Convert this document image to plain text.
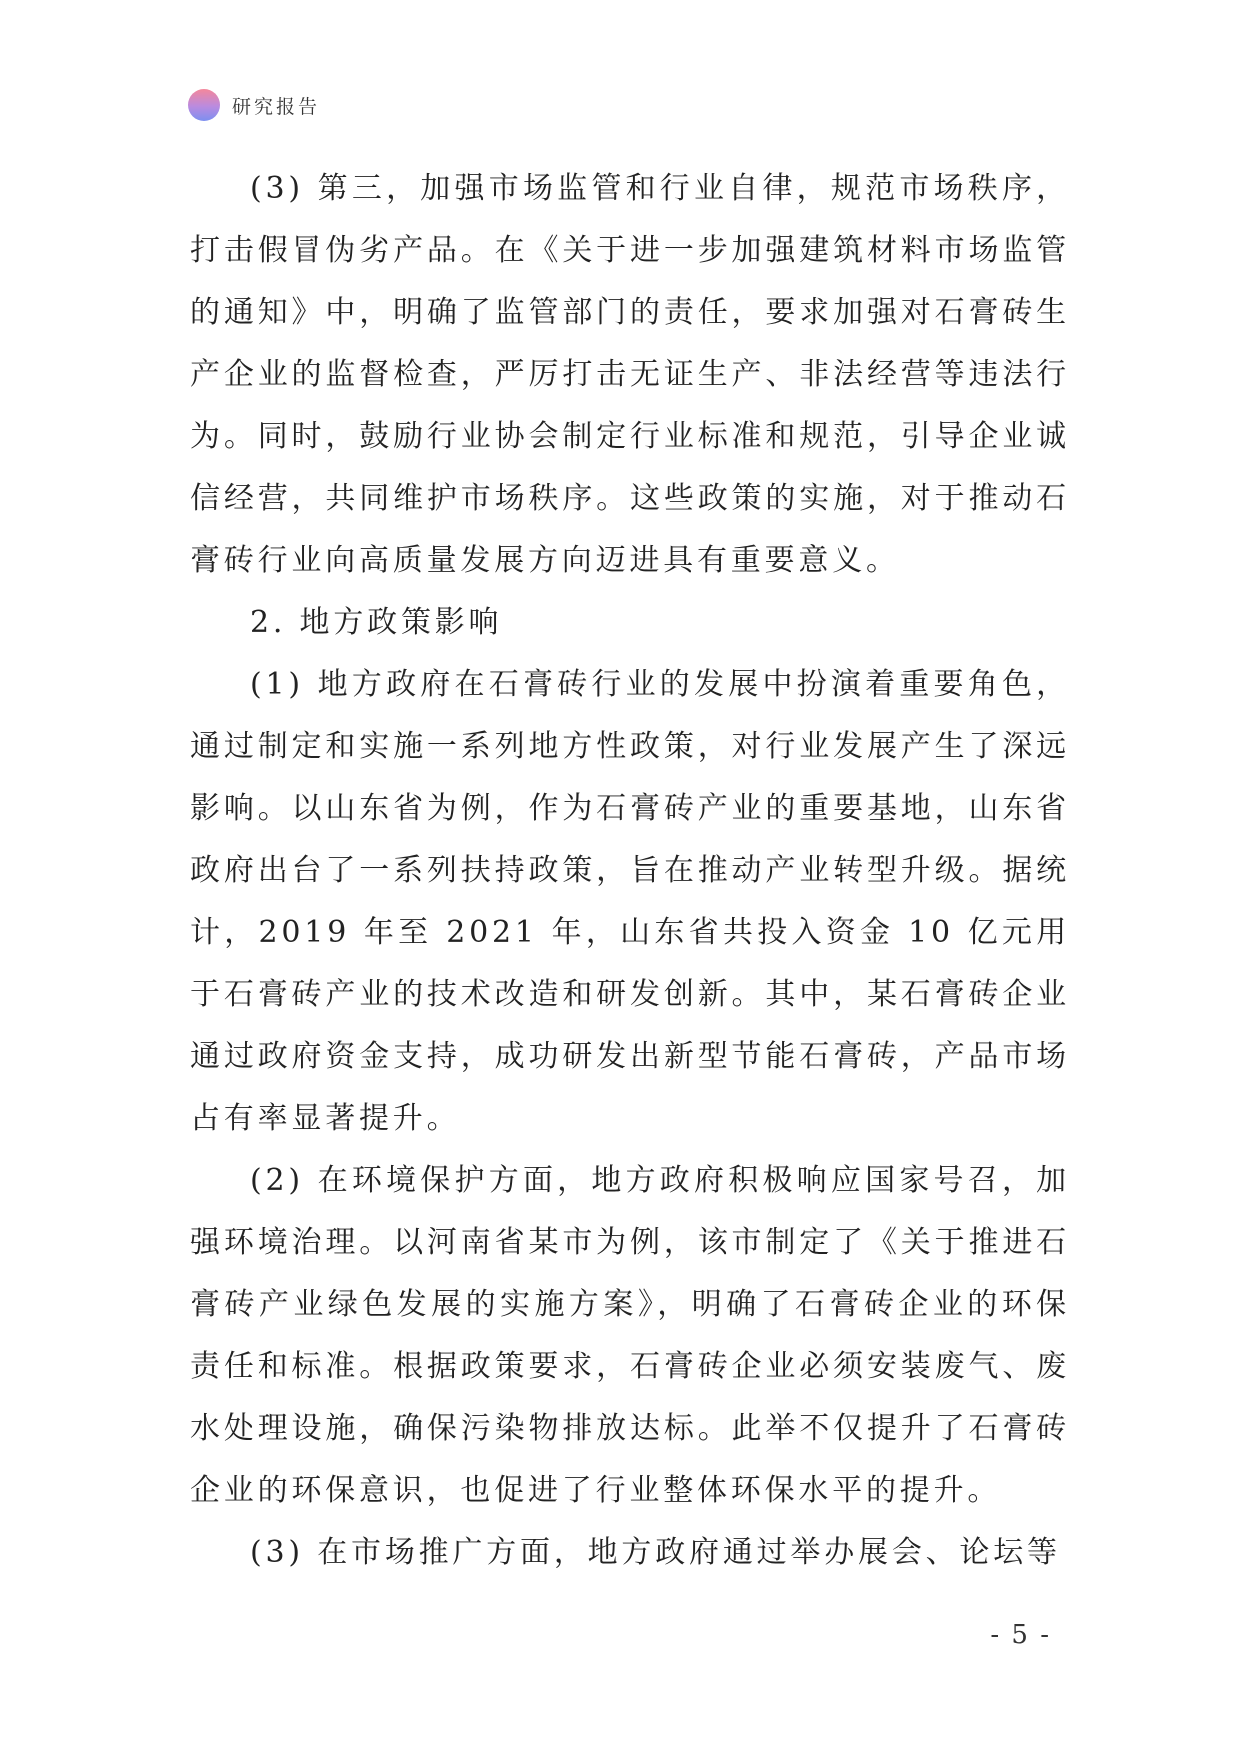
研究报告

(3) 第三，加强市场监管和行业自律，规范市场秩序，打击假冒伪劣产品。在《关于进一步加强建筑材料市场监管的通知》中，明确了监管部门的责任，要求加强对石膏砖生产企业的监督检查，严厉打击无证生产、非法经营等违法行为。同时，鼓励行业协会制定行业标准和规范，引导企业诚信经营，共同维护市场秩序。这些政策的实施，对于推动石膏砖行业向高质量发展方向迈进具有重要意义。

2. 地方政策影响

(1) 地方政府在石膏砖行业的发展中扮演着重要角色，通过制定和实施一系列地方性政策，对行业发展产生了深远影响。以山东省为例，作为石膏砖产业的重要基地，山东省政府出台了一系列扶持政策，旨在推动产业转型升级。据统计，2019 年至 2021 年，山东省共投入资金 10 亿元用于石膏砖产业的技术改造和研发创新。其中，某石膏砖企业通过政府资金支持，成功研发出新型节能石膏砖，产品市场占有率显著提升。

(2) 在环境保护方面，地方政府积极响应国家号召，加强环境治理。以河南省某市为例，该市制定了《关于推进石膏砖产业绿色发展的实施方案》，明确了石膏砖企业的环保责任和标准。根据政策要求，石膏砖企业必须安装废气、废水处理设施，确保污染物排放达标。此举不仅提升了石膏砖企业的环保意识，也促进了行业整体环保水平的提升。

(3) 在市场推广方面，地方政府通过举办展会、论坛等

- 5 -
